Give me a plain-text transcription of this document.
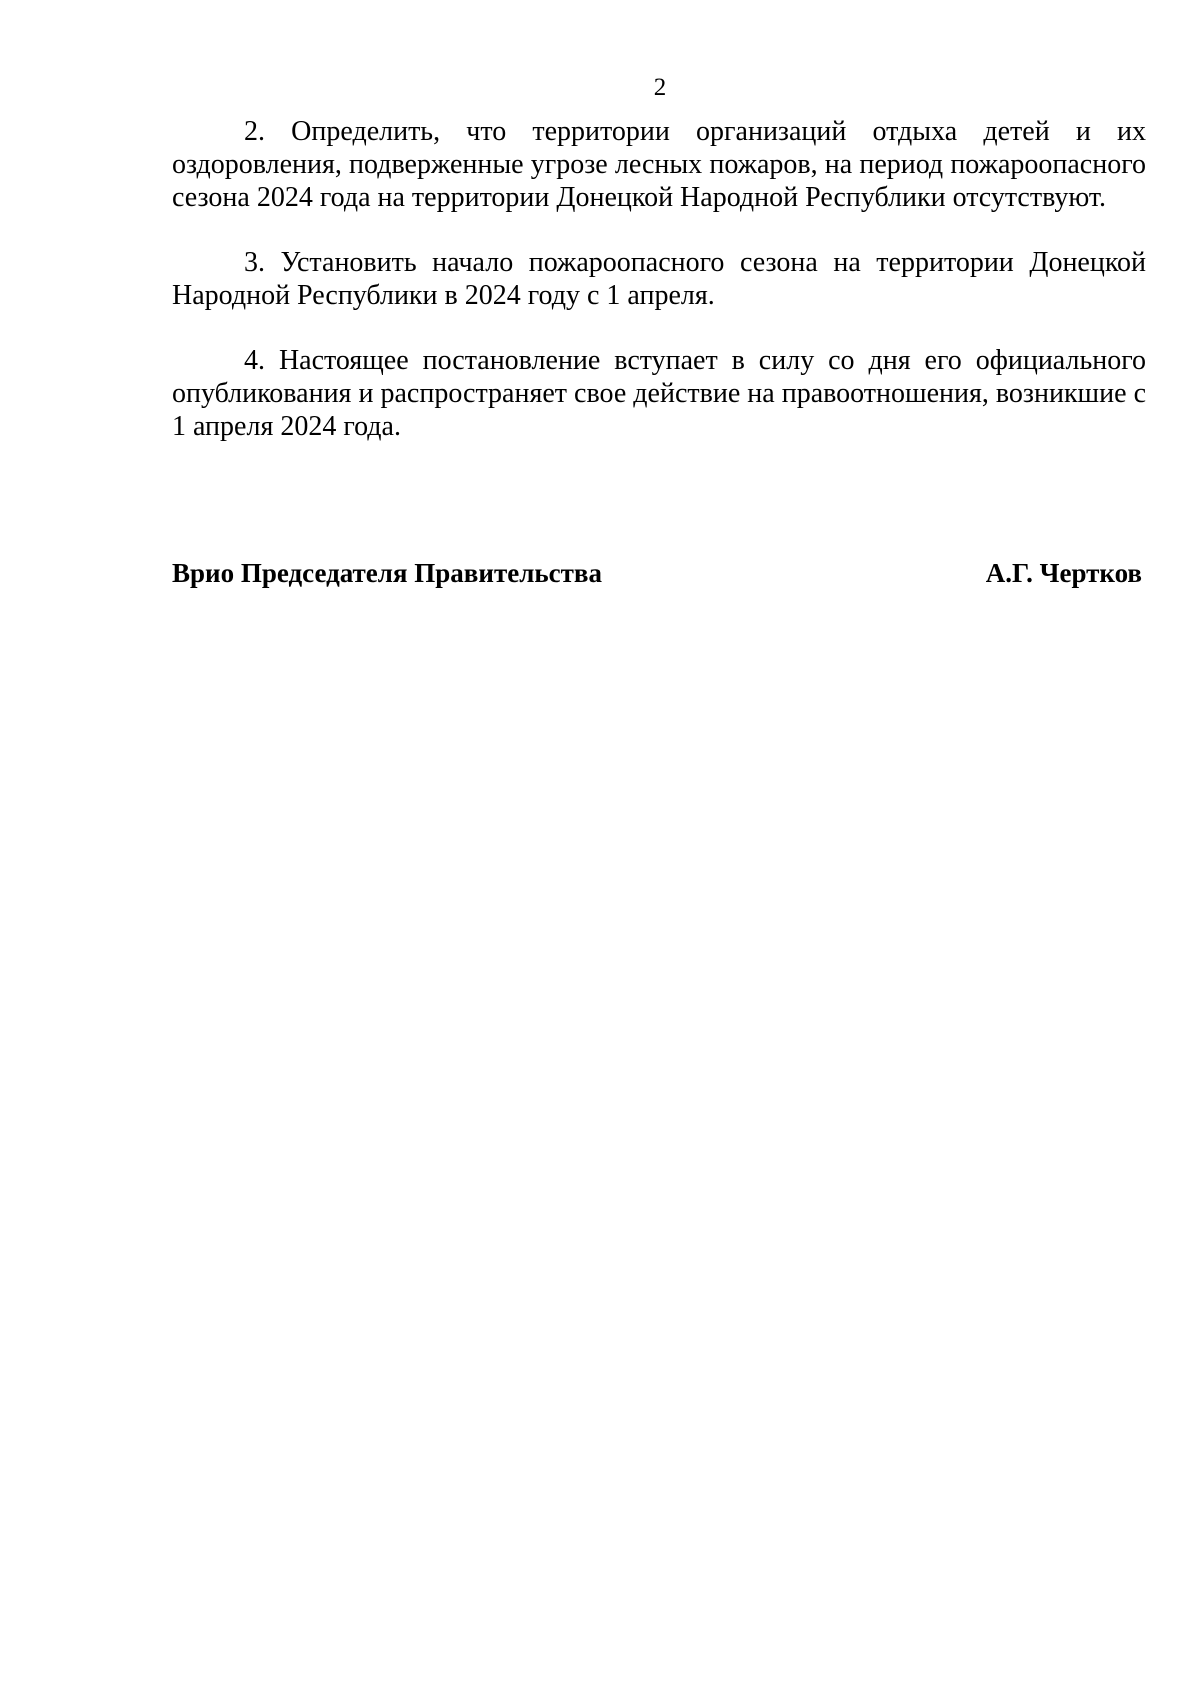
2

2. Определить, что территории организаций отдыха детей и их оздоровления, подверженные угрозе лесных пожаров, на период пожароопасного сезона 2024 года на территории Донецкой Народной Республики отсутствуют.

3. Установить начало пожароопасного сезона на территории Донецкой Народной Республики в 2024 году с 1 апреля.

4. Настоящее постановление вступает в силу со дня его официального опубликования и распространяет свое действие на правоотношения, возникшие с 1 апреля 2024 года.

Врио Председателя Правительства	А.Г. Чертков
